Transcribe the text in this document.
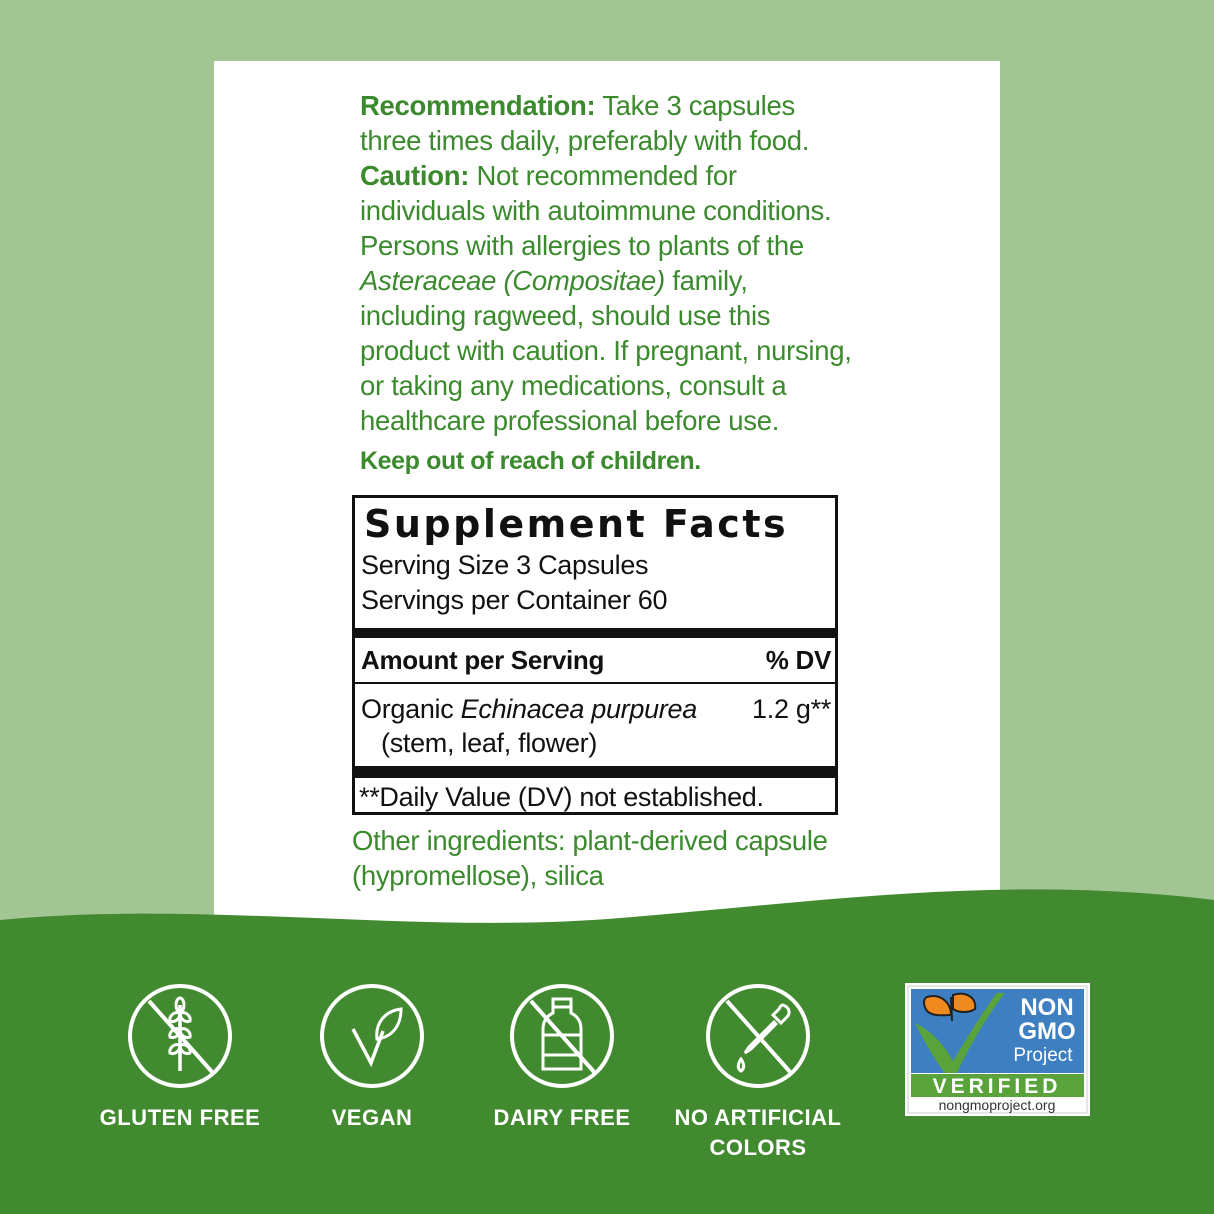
Recommendation: Take 3 capsules three times daily, preferably with food.
Caution: Not recommended for individuals with autoimmune conditions. Persons with allergies to plants of the Asteraceae (Compositae) family, including ragweed, should use this product with caution. If pregnant, nursing, or taking any medications, consult a healthcare professional before use.
Keep out of reach of children.
Supplement Facts
Serving Size 3 Capsules
Servings per Container 60
Amount per Serving	% DV
Organic Echinacea purpurea 1.2 g**
(stem, leaf, flower)
**Daily Value (DV) not established.
Other ingredients: plant-derived capsule (hypromellose), silica
GLUTEN FREE	VEGAN	DAIRY FREE	NO ARTIFICIAL
COLORS
NON
GMO
Project
VERIFIED
nongmoproject.org
